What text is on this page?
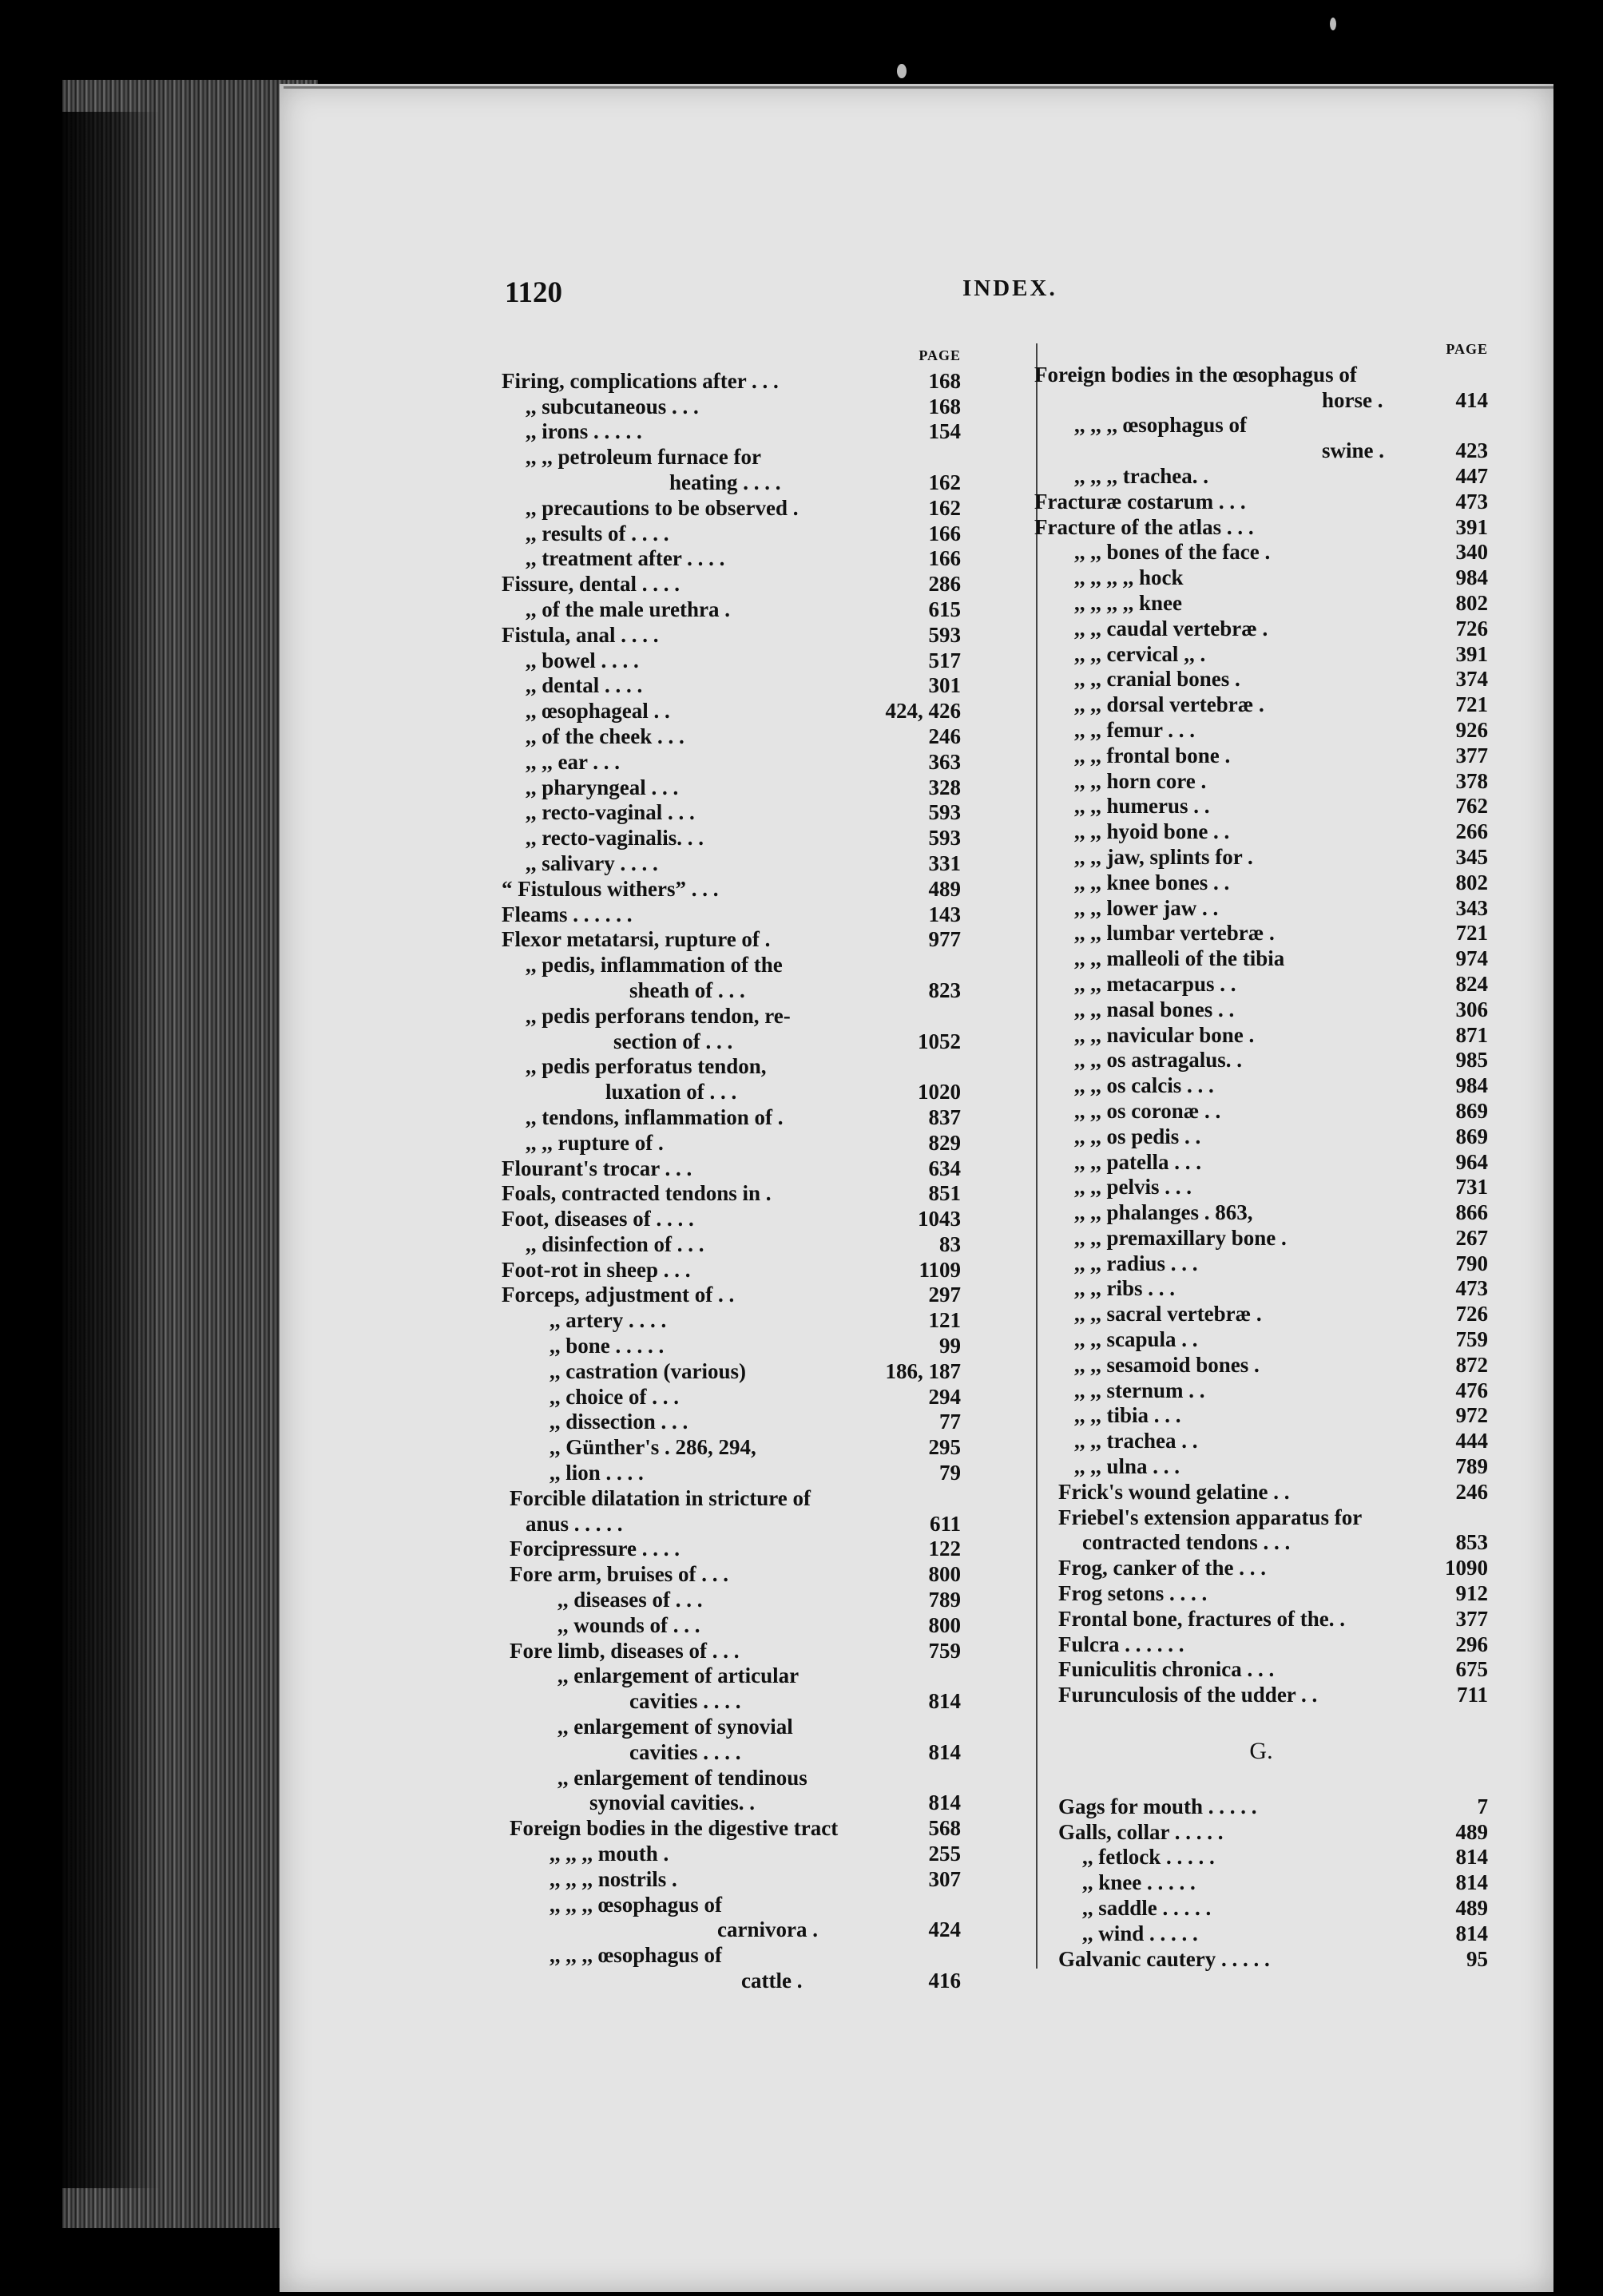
1120	INDEX.
PAGE
Firing, complications after . . .	168
,, subcutaneous . . .	168
,, irons . . . . .	154
,, ,, petroleum furnace for
heating . . . .	162
,, precautions to be observed .	162
,, results of . . . .	166
,, treatment after . . . .	166
Fissure, dental . . . .	286
,, of the male urethra .	615
Fistula, anal . . . .	593
,, bowel . . . .	517
,, dental . . . .	301
,, œsophageal . .	424, 426
,, of the cheek . . .	246
,, ,, ear . . .	363
,, pharyngeal . . .	328
,, recto-vaginal . . .	593
,, recto-vaginalis. . .	593
,, salivary . . . .	331
“ Fistulous withers” . . .	489
Fleams . . . . . .	143
Flexor metatarsi, rupture of .	977
,, pedis, inflammation of the
sheath of . . .	823
,, pedis perforans tendon, re-
section of . . .	1052
,, pedis perforatus tendon,
luxation of . . .	1020
,, tendons, inflammation of .	837
,, ,, rupture of .	829
Flourant's trocar . . .	634
Foals, contracted tendons in .	851
Foot, diseases of . . . .	1043
,, disinfection of . . .	83
Foot-rot in sheep . . .	1109
Forceps, adjustment of . .	297
,, artery . . . .	121
,, bone . . . . .	99
,, castration (various)	186, 187
,, choice of . . .	294
,, dissection . . .	77
,, Günther's . 286, 294,	295
,, lion . . . .	79
Forcible dilatation in stricture of
anus . . . . .	611
Forcipressure . . . .	122
Fore arm, bruises of . . .	800
,, diseases of . . .	789
,, wounds of . . .	800
Fore limb, diseases of . . .	759
,, enlargement of articular
cavities . . . .	814
,, enlargement of synovial
cavities . . . .	814
,, enlargement of tendinous
synovial cavities. .	814
Foreign bodies in the digestive tract	568
,, ,, ,, mouth .	255
,, ,, ,, nostrils .	307
,, ,, ,, œsophagus of
carnivora .	424
,, ,, ,, œsophagus of
cattle .	416
PAGE
Foreign bodies in the œsophagus of
horse .	414
,, ,, ,, œsophagus of
swine .	423
,, ,, ,, trachea. .	447
Fracturæ costarum . . .	473
Fracture of the atlas . . .	391
,, ,, bones of the face .	340
,, ,, ,, ,, hock	984
,, ,, ,, ,, knee	802
,, ,, caudal vertebræ .	726
,, ,, cervical ,, .	391
,, ,, cranial bones .	374
,, ,, dorsal vertebræ .	721
,, ,, femur . . .	926
,, ,, frontal bone .	377
,, ,, horn core .	378
,, ,, humerus . .	762
,, ,, hyoid bone . .	266
,, ,, jaw, splints for .	345
,, ,, knee bones . .	802
,, ,, lower jaw . .	343
,, ,, lumbar vertebræ .	721
,, ,, malleoli of the tibia	974
,, ,, metacarpus . .	824
,, ,, nasal bones . .	306
,, ,, navicular bone .	871
,, ,, os astragalus. .	985
,, ,, os calcis . . .	984
,, ,, os coronæ . .	869
,, ,, os pedis . .	869
,, ,, patella . . .	964
,, ,, pelvis . . .	731
,, ,, phalanges . 863,	866
,, ,, premaxillary bone .	267
,, ,, radius . . .	790
,, ,, ribs . . .	473
,, ,, sacral vertebræ .	726
,, ,, scapula . .	759
,, ,, sesamoid bones .	872
,, ,, sternum . .	476
,, ,, tibia . . .	972
,, ,, trachea . .	444
,, ,, ulna . . .	789
Frick's wound gelatine . .	246
Friebel's extension apparatus for
contracted tendons . . .	853
Frog, canker of the . . .	1090
Frog setons . . . .	912
Frontal bone, fractures of the. .	377
Fulcra . . . . . .	296
Funiculitis chronica . . .	675
Furunculosis of the udder . .	711
G.
Gags for mouth . . . . .	7
Galls, collar . . . . .	489
,, fetlock . . . . .	814
,, knee . . . . .	814
,, saddle . . . . .	489
,, wind . . . . .	814
Galvanic cautery . . . . .	95
